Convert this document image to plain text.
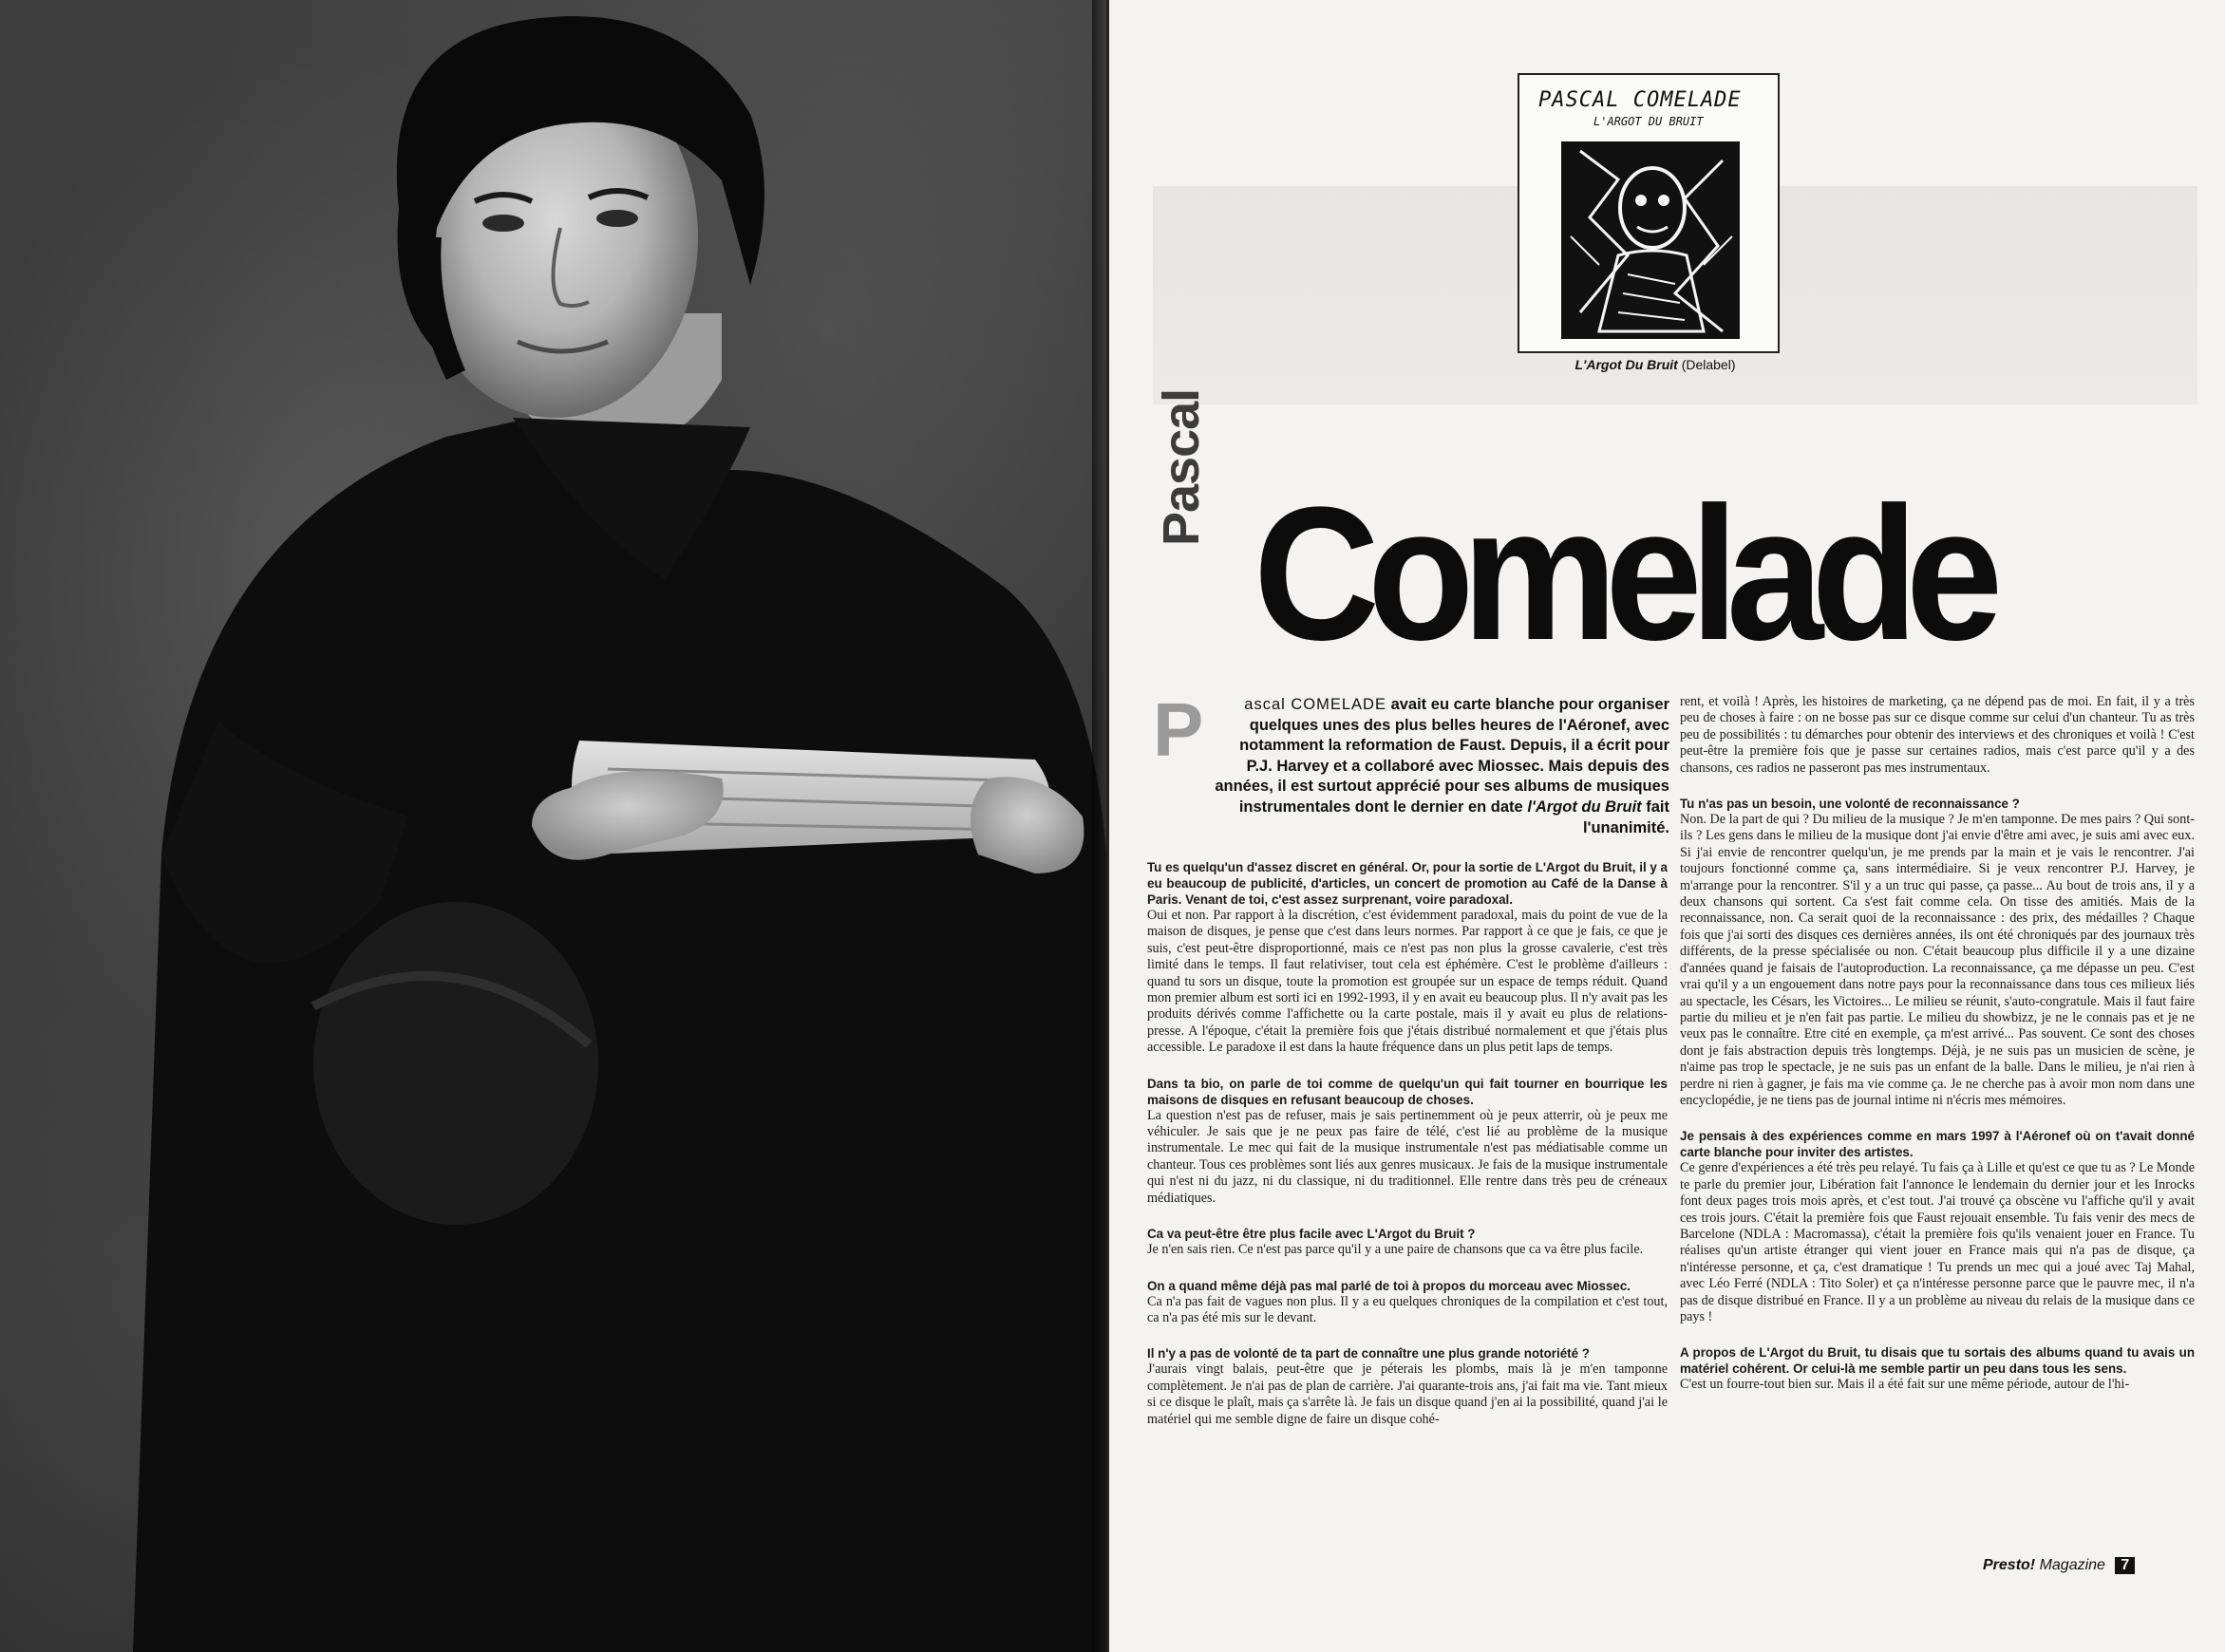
PASCAL COMELADE
L'ARGOT DU BRUIT
L'Argot Du Bruit (Delabel)
Pascal
Comelade
P	ascal COMELADE avait eu carte blanche pour organiser quelques unes des plus belles heures de l'Aéronef, avec notamment la reformation de Faust. Depuis, il a écrit pour P.J. Harvey et a collaboré avec Miossec. Mais depuis des années, il est surtout apprécié pour ses albums de musiques instrumentales dont le dernier en date l'Argot du Bruit fait l'unanimité.

Tu es quelqu'un d'assez discret en général. Or, pour la sortie de L'Argot du Bruit, il y a eu beaucoup de publicité, d'articles, un concert de promotion au Café de la Danse à Paris. Venant de toi, c'est assez surprenant, voire paradoxal.

Oui et non. Par rapport à la discrétion, c'est évidemment paradoxal, mais du point de vue de la maison de disques, je pense que c'est dans leurs normes. Par rapport à ce que je fais, ce que je suis, c'est peut-être disproportionné, mais ce n'est pas non plus la grosse cavalerie, c'est très limité dans le temps. Il faut relativiser, tout cela est éphémère. C'est le problème d'ailleurs : quand tu sors un disque, toute la promotion est groupée sur un espace de temps réduit. Quand mon premier album est sorti ici en 1992-1993, il y en avait eu beaucoup plus. Il n'y avait pas les produits dérivés comme l'affichette ou la carte postale, mais il y avait eu plus de relations-presse. A l'époque, c'était la première fois que j'étais distribué normalement et que j'étais plus accessible. Le paradoxe il est dans la haute fréquence dans un plus petit laps de temps.

Dans ta bio, on parle de toi comme de quelqu'un qui fait tourner en bourrique les maisons de disques en refusant beaucoup de choses.

La question n'est pas de refuser, mais je sais pertinemment où je peux atterrir, où je peux me véhiculer. Je sais que je ne peux pas faire de télé, c'est lié au problème de la musique instrumentale. Le mec qui fait de la musique instrumentale n'est pas médiatisable comme un chanteur. Tous ces problèmes sont liés aux genres musicaux. Je fais de la musique instrumentale qui n'est ni du jazz, ni du classique, ni du traditionnel. Elle rentre dans très peu de créneaux médiatiques.

Ca va peut-être être plus facile avec L'Argot du Bruit ?

Je n'en sais rien. Ce n'est pas parce qu'il y a une paire de chansons que ca va être plus facile.

On a quand même déjà pas mal parlé de toi à propos du morceau avec Miossec.

Ca n'a pas fait de vagues non plus. Il y a eu quelques chroniques de la compilation et c'est tout, ca n'a pas été mis sur le devant.

Il n'y a pas de volonté de ta part de connaître une plus grande notoriété ?

J'aurais vingt balais, peut-être que je péterais les plombs, mais là je m'en tamponne complètement. Je n'ai pas de plan de carrière. J'ai quarante-trois ans, j'ai fait ma vie. Tant mieux si ce disque le plaît, mais ça s'arrête là. Je fais un disque quand j'en ai la possibilité, quand j'ai le matériel qui me semble digne de faire un disque cohé-

rent, et voilà ! Après, les histoires de marketing, ça ne dépend pas de moi. En fait, il y a très peu de choses à faire : on ne bosse pas sur ce disque comme sur celui d'un chanteur. Tu as très peu de possibilités : tu démarches pour obtenir des interviews et des chroniques et voilà ! C'est peut-être la première fois que je passe sur certaines radios, mais c'est parce qu'il y a des chansons, ces radios ne passeront pas mes instrumentaux.

Tu n'as pas un besoin, une volonté de reconnaissance ?

Non. De la part de qui ? Du milieu de la musique ? Je m'en tamponne. De mes pairs ? Qui sont-ils ? Les gens dans le milieu de la musique dont j'ai envie d'être ami avec, je suis ami avec eux. Si j'ai envie de rencontrer quelqu'un, je me prends par la main et je vais le rencontrer. J'ai toujours fonctionné comme ça, sans intermédiaire. Si je veux rencontrer P.J. Harvey, je m'arrange pour la rencontrer. S'il y a un truc qui passe, ça passe... Au bout de trois ans, il y a deux chansons qui sortent. Ca s'est fait comme cela. On tisse des amitiés. Mais de la reconnaissance, non. Ca serait quoi de la reconnaissance : des prix, des médailles ? Chaque fois que j'ai sorti des disques ces dernières années, ils ont été chroniqués par des journaux très différents, de la presse spécialisée ou non. C'était beaucoup plus difficile il y a une dizaine d'années quand je faisais de l'autoproduction. La reconnaissance, ça me dépasse un peu. C'est vrai qu'il y a un engouement dans notre pays pour la reconnaissance dans tous ces milieux liés au spectacle, les Césars, les Victoires... Le milieu se réunit, s'auto-congratule. Mais il faut faire partie du milieu et je n'en fait pas partie. Le milieu du showbizz, je ne le connais pas et je ne veux pas le connaître. Etre cité en exemple, ça m'est arrivé... Pas souvent. Ce sont des choses dont je fais abstraction depuis très longtemps. Déjà, je ne suis pas un musicien de scène, je n'aime pas trop le spectacle, je ne suis pas un enfant de la balle. Dans le milieu, je n'ai rien à perdre ni rien à gagner, je fais ma vie comme ça. Je ne cherche pas à avoir mon nom dans une encyclopédie, je ne tiens pas de journal intime ni n'écris mes mémoires.

Je pensais à des expériences comme en mars 1997 à l'Aéronef où on t'avait donné carte blanche pour inviter des artistes.

Ce genre d'expériences a été très peu relayé. Tu fais ça à Lille et qu'est ce que tu as ? Le Monde te parle du premier jour, Libération fait l'annonce le lendemain du dernier jour et les Inrocks font deux pages trois mois après, et c'est tout. J'ai trouvé ça obscène vu l'affiche qu'il y avait ces trois jours. C'était la première fois que Faust rejouait ensemble. Tu fais venir des mecs de Barcelone (NDLA : Macromassa), c'était la première fois qu'ils venaient jouer en France. Tu réalises qu'un artiste étranger qui vient jouer en France mais qui n'a pas de disque, ça n'intéresse personne, et ça, c'est dramatique ! Tu prends un mec qui a joué avec Taj Mahal, avec Léo Ferré (NDLA : Tito Soler) et ça n'intéresse personne parce que le pauvre mec, il n'a pas de disque distribué en France. Il y a un problème au niveau du relais de la musique dans ce pays !

A propos de L'Argot du Bruit, tu disais que tu sortais des albums quand tu avais un matériel cohérent. Or celui-là me semble partir un peu dans tous les sens.

C'est un fourre-tout bien sur. Mais il a été fait sur une même période, autour de l'hi-

Presto! Magazine 7
